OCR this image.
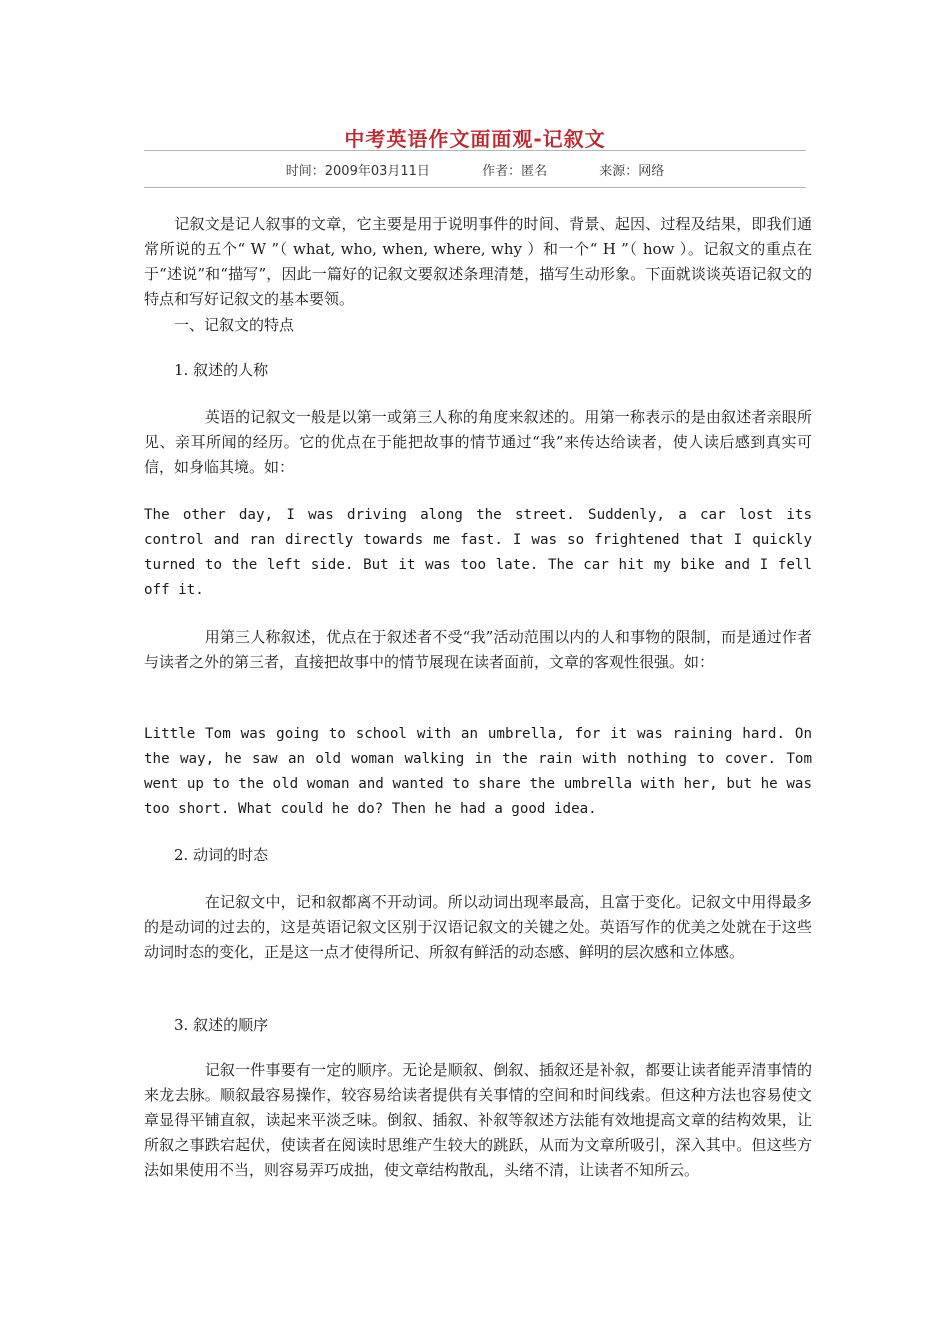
中考英语作文面面观-记叙文
时间：2009年03月11日	作者：匿名	来源：网络

　　记叙文是记人叙事的文章，它主要是用于说明事件的时间、背景、起因、过程及结果，即我们通常所说的五个“ W ”（ what, who, when, where, why ）和一个“ H ”（ how ）。记叙文的重点在于“述说”和“描写”，因此一篇好的记叙文要叙述条理清楚，描写生动形象。下面就谈谈英语记叙文的特点和写好记叙文的基本要领。

　　一、记叙文的特点

　　1. 叙述的人称

　　　　英语的记叙文一般是以第一或第三人称的角度来叙述的。用第一称表示的是由叙述者亲眼所见、亲耳所闻的经历。它的优点在于能把故事的情节通过“我”来传达给读者，使人读后感到真实可信，如身临其境。如：

The other day, I was driving along the street. Suddenly, a car lost its control and ran directly towards me fast. I was so frightened that I quickly turned to the left side. But it was too late. The car hit my bike and I fell off it.

　　　　用第三人称叙述，优点在于叙述者不受“我”活动范围以内的人和事物的限制，而是通过作者与读者之外的第三者，直接把故事中的情节展现在读者面前，文章的客观性很强。如：

Little Tom was going to school with an umbrella, for it was raining hard. On the way, he saw an old woman walking in the rain with nothing to cover. Tom went up to the old woman and wanted to share the umbrella with her, but he was too short. What could he do? Then he had a good idea.

　　2. 动词的时态

　　　　在记叙文中，记和叙都离不开动词。所以动词出现率最高，且富于变化。记叙文中用得最多的是动词的过去的，这是英语记叙文区别于汉语记叙文的关键之处。英语写作的优美之处就在于这些动词时态的变化，正是这一点才使得所记、所叙有鲜活的动态感、鲜明的层次感和立体感。

　　3. 叙述的顺序

　　　　记叙一件事要有一定的顺序。无论是顺叙、倒叙、插叙还是补叙，都要让读者能弄清事情的来龙去脉。顺叙最容易操作，较容易给读者提供有关事情的空间和时间线索。但这种方法也容易使文章显得平铺直叙，读起来平淡乏味。倒叙、插叙、补叙等叙述方法能有效地提高文章的结构效果，让所叙之事跌宕起伏，使读者在阅读时思维产生较大的跳跃，从而为文章所吸引，深入其中。但这些方法如果使用不当，则容易弄巧成拙，使文章结构散乱，头绪不清，让读者不知所云。
